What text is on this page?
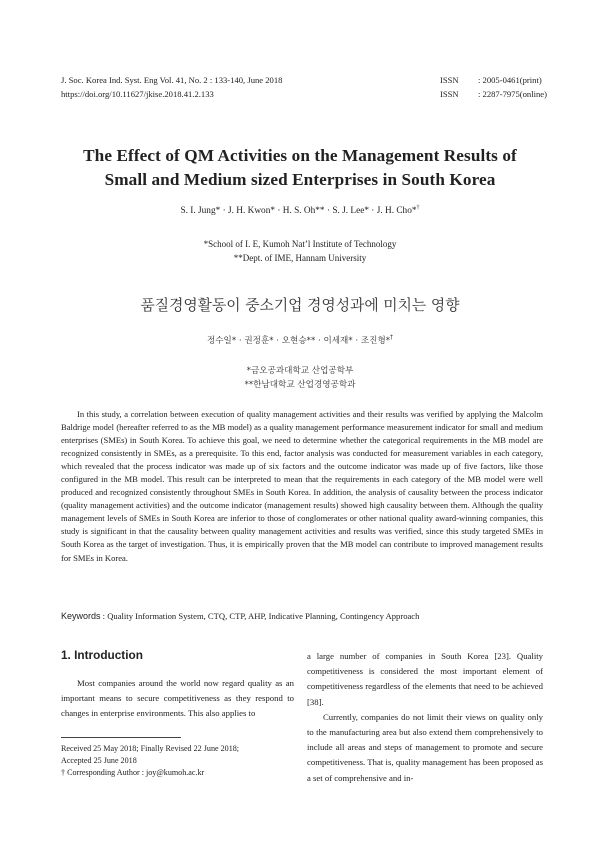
J. Soc. Korea Ind. Syst. Eng Vol. 41, No. 2 : 133-140, June 2018
https://doi.org/10.11627/jkise.2018.41.2.133
ISSN : 2005-0461(print)
ISSN : 2287-7975(online)
The Effect of QM Activities on the Management Results of
Small and Medium sized Enterprises in South Korea
S. I. Jung* · J. H. Kwon* · H. S. Oh** · S. J. Lee* · J. H. Cho*†
*School of I. E, Kumoh Nat’l Institute of Technology
**Dept. of IME, Hannam University
품질경영활동이 중소기업 경영성과에 미치는 영향
정수일* · 권정훈* · 오현승** · 이세재* · 조진형*†
*금오공과대학교 산업공학부
**한남대학교 산업경영공학과

In this study, a correlation between execution of quality management activities and their results was verified by applying the Malcolm Baldrige model (hereafter referred to as the MB model) as a quality management performance measurement indicator for small and medium enterprises (SMEs) in South Korea. To achieve this goal, we need to determine whether the categorical requirements in the MB model are recognized consistently in SMEs, as a prerequisite. To this end, factor analysis was conducted for measurement variables in each category, which revealed that the process indicator was made up of six factors and the outcome indicator was made up of five factors, like those configured in the MB model. This result can be interpreted to mean that the requirements in each category of the MB model were well produced and recognized consistently throughout SMEs in South Korea. In addition, the analysis of causality between the process indicator (quality management activities) and the outcome indicator (management results) showed high causality between them. Although the quality management levels of SMEs in South Korea are inferior to those of conglomerates or other national quality award-winning companies, this study is significant in that the causality between quality management activities and results was verified, since this study targeted SMEs in South Korea as the target of investigation. Thus, it is empirically proven that the MB model can contribute to improved management results for SMEs in Korea.

Keywords : Quality Information System, CTQ, CTP, AHP, Indicative Planning, Contingency Approach
1. Introduction

Most companies around the world now regard quality as an important means to secure competitiveness as they respond to changes in enterprise environments. This also applies to

a large number of companies in South Korea [23]. Quality competitiveness is considered the most important element of competitiveness regardless of the elements that need to be achieved [38].

Currently, companies do not limit their views on quality only to the manufacturing area but also extend them comprehensively to include all areas and steps of management to promote and secure competitiveness. That is, quality management has been proposed as a set of comprehensive and in-

Received 25 May 2018; Finally Revised 22 June 2018;
Accepted 25 June 2018
† Corresponding Author : joy@kumoh.ac.kr
